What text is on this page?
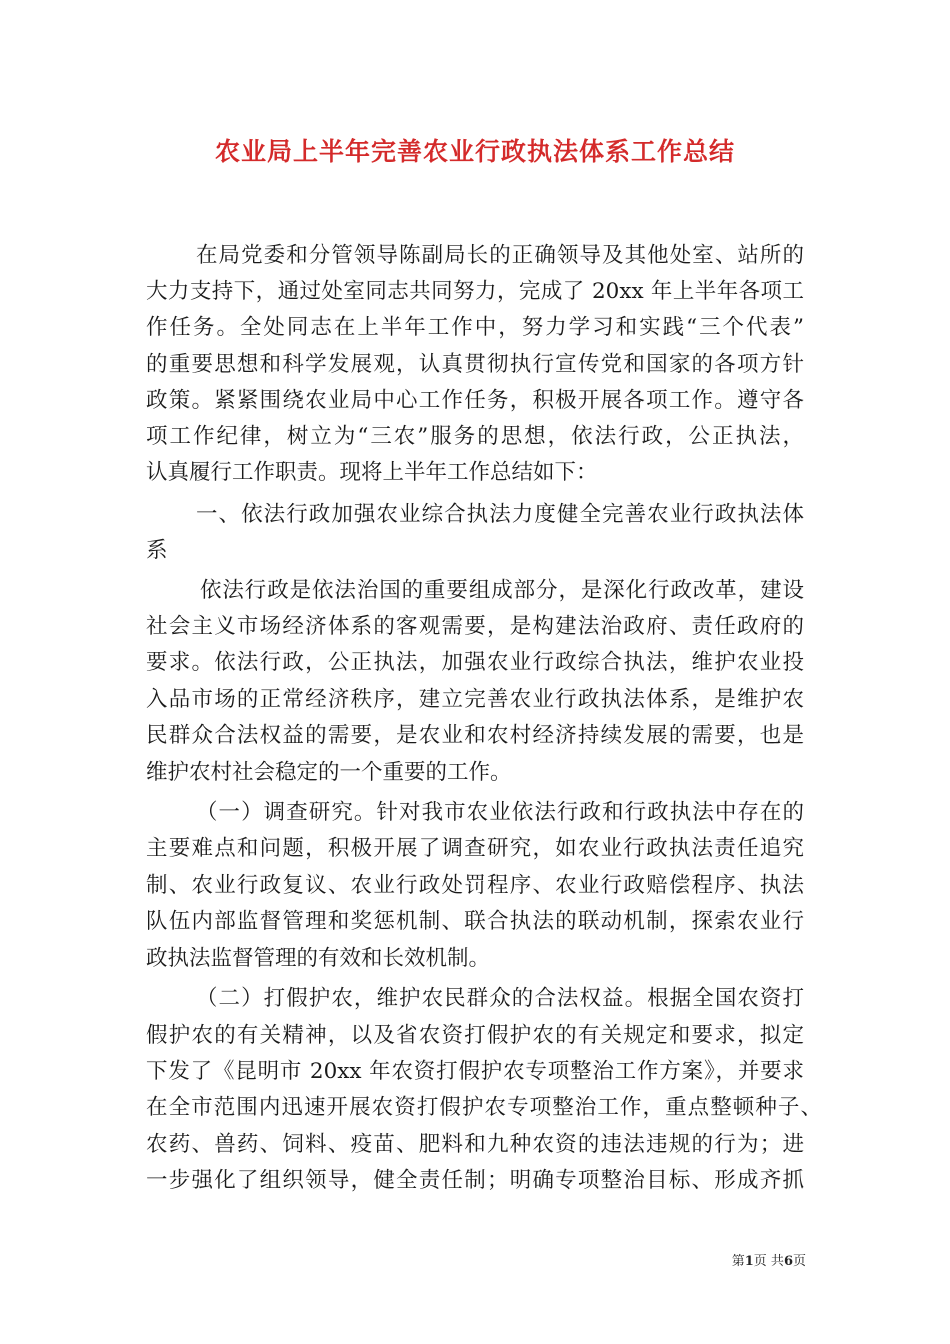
农业局上半年完善农业行政执法体系工作总结
在局党委和分管领导陈副局长的正确领导及其他处室、站所的
大力支持下，通过处室同志共同努力，完成了 20xx 年上半年各项工
作任务。全处同志在上半年工作中，努力学习和实践“三个代表”
的重要思想和科学发展观，认真贯彻执行宣传党和国家的各项方针
政策。紧紧围绕农业局中心工作任务，积极开展各项工作。遵守各
项工作纪律，树立为“三农”服务的思想，依法行政，公正执法，
认真履行工作职责。现将上半年工作总结如下：
一、依法行政加强农业综合执法力度健全完善农业行政执法体
系
依法行政是依法治国的重要组成部分，是深化行政改革，建设
社会主义市场经济体系的客观需要，是构建法治政府、责任政府的
要求。依法行政，公正执法，加强农业行政综合执法，维护农业投
入品市场的正常经济秩序，建立完善农业行政执法体系，是维护农
民群众合法权益的需要，是农业和农村经济持续发展的需要，也是
维护农村社会稳定的一个重要的工作。
（一）调查研究。针对我市农业依法行政和行政执法中存在的
主要难点和问题，积极开展了调查研究，如农业行政执法责任追究
制、农业行政复议、农业行政处罚程序、农业行政赔偿程序、执法
队伍内部监督管理和奖惩机制、联合执法的联动机制，探索农业行
政执法监督管理的有效和长效机制。
（二）打假护农，维护农民群众的合法权益。根据全国农资打
假护农的有关精神，以及省农资打假护农的有关规定和要求，拟定
下发了《昆明市 20xx 年农资打假护农专项整治工作方案》，并要求
在全市范围内迅速开展农资打假护农专项整治工作，重点整顿种子、
农药、兽药、饲料、疫苗、肥料和九种农资的违法违规的行为；进
一步强化了组织领导，健全责任制；明确专项整治目标、形成齐抓
第1页 共6页
